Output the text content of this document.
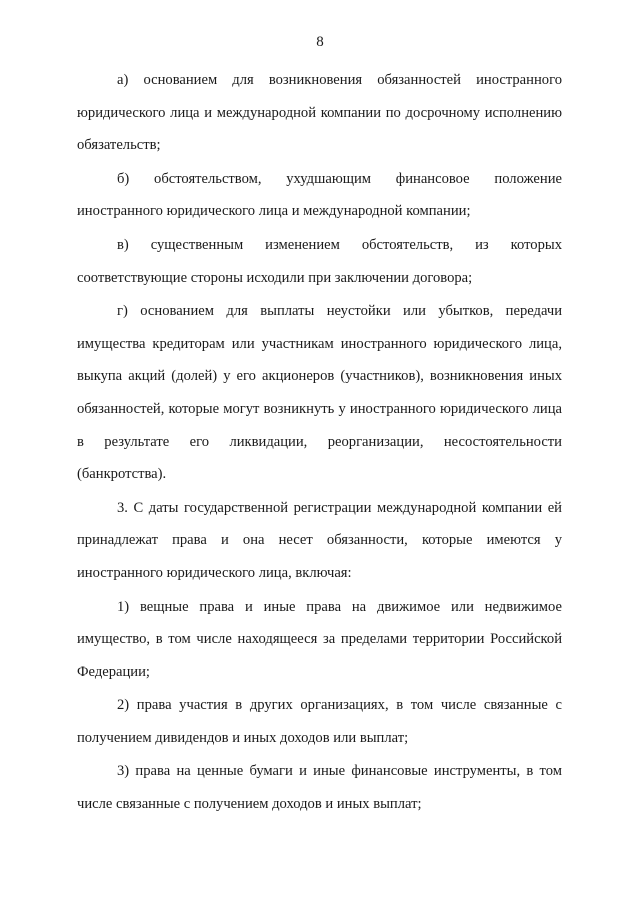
8

а) основанием для возникновения обязанностей иностранного юридического лица и международной компании по досрочному исполнению обязательств;

б) обстоятельством, ухудшающим финансовое положение иностранного юридического лица и международной компании;

в) существенным изменением обстоятельств, из которых соответствующие стороны исходили при заключении договора;

г) основанием для выплаты неустойки или убытков, передачи имущества кредиторам или участникам иностранного юридического лица, выкупа акций (долей) у его акционеров (участников), возникновения иных обязанностей, которые могут возникнуть у иностранного юридического лица в результате его ликвидации, реорганизации, несостоятельности (банкротства).

3. С даты государственной регистрации международной компании ей принадлежат права и она несет обязанности, которые имеются у иностранного юридического лица, включая:

1) вещные права и иные права на движимое или недвижимое имущество, в том числе находящееся за пределами территории Российской Федерации;

2) права участия в других организациях, в том числе связанные с получением дивидендов и иных доходов или выплат;

3) права на ценные бумаги и иные финансовые инструменты, в том числе связанные с получением доходов и иных выплат;
